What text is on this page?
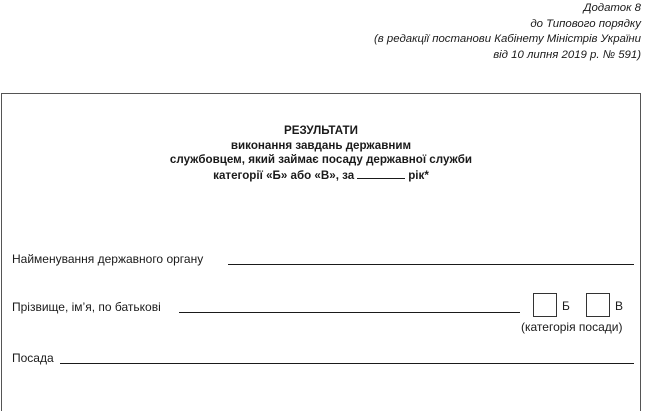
Додаток 8
до Типового порядку
(в редакції постанови Кабінету Міністрів України
від 10 липня 2019 р. № 591)
РЕЗУЛЬТАТИ
виконання завдань державним
службовцем, який займає посаду державної служби
категорії «Б» або «В», за	рік*
Найменування державного органу
Прізвище, ім’я, по батькові	Б	В
(категорія посади)
Посада
